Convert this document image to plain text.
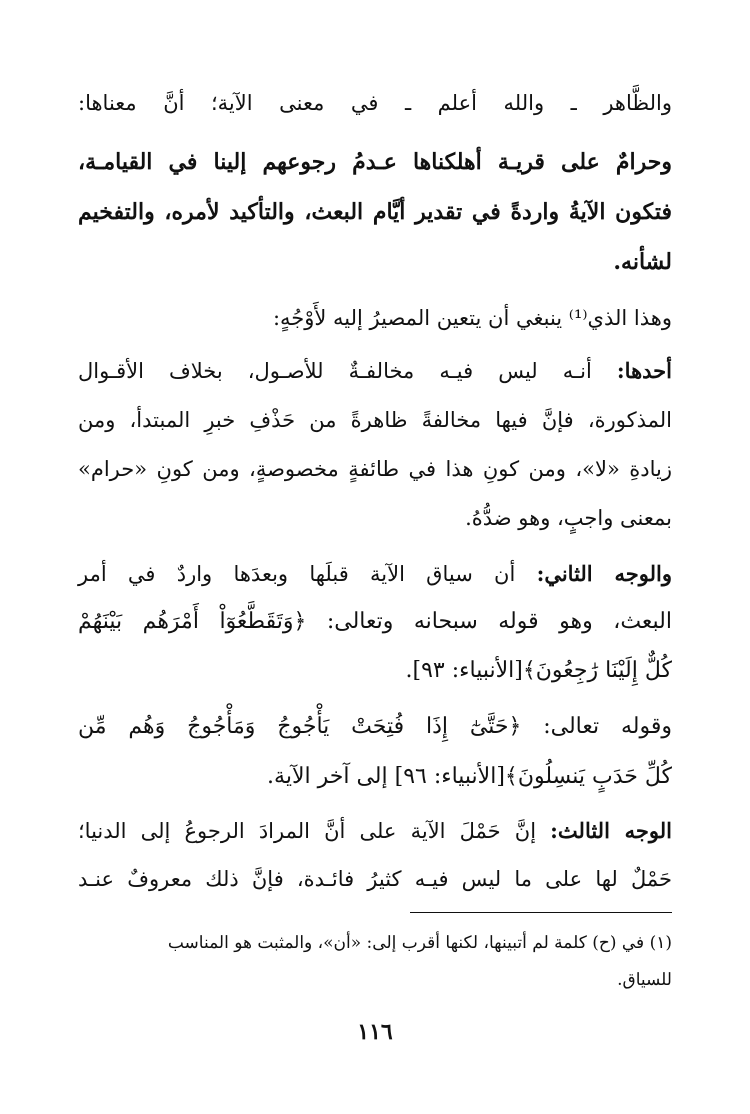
والظَّاهر ـ والله أعلم ـ في معنى الآية؛ أنَّ معناها:
وحرامٌ على قريـة أهلكناها عـدمُ رجوعهم إلينا في القيامـة،
فتكون الآيةُ واردةً في تقدير أيَّام البعث، والتأكيد لأمره، والتفخيم
لشأنه.
وهذا الذي⁽¹⁾ ينبغي أن يتعين المصيرُ إليه لأَوْجُهٍ:
أحدها: أنـه ليس فيـه مخالفـةٌ للأصـول، بخلاف الأقـوال
المذكورة، فإنَّ فيها مخالفةً ظاهرةً من حَذْفِ خبرِ المبتدأ، ومن
زيادةِ «لا»، ومن كونِ هذا في طائفةٍ مخصوصةٍ، ومن كونِ «حرام»
بمعنى واجبٍ، وهو ضدُّهُ.
والوجه الثاني: أن سياق الآية قبلَها وبعدَها واردٌ في أمر
البعث، وهو قوله سبحانه وتعالى: ﴿وَتَقَطَّعُوٓاْ أَمْرَهُم بَيْنَهُمْ
كُلٌّ إِلَيْنَا رَٰجِعُونَ﴾[الأنبياء: ٩٣].
وقوله تعالى: ﴿حَتَّىٰٓ إِذَا فُتِحَتْ يَأْجُوجُ وَمَأْجُوجُ وَهُم مِّن
كُلِّ حَدَبٍ يَنسِلُونَ﴾[الأنبياء: ٩٦] إلى آخر الآية.
الوجه الثالث: إنَّ حَمْلَ الآية على أنَّ المرادَ الرجوعُ إلى الدنيا؛
حَمْلٌ لها على ما ليس فيـه كثيرُ فائـدة، فإنَّ ذلك معروفٌ عنـد
(١) في (ح) كلمة لم أتبينها، لكنها أقرب إلى: «أن»، والمثبت هو المناسب
للسياق.
١١٦
